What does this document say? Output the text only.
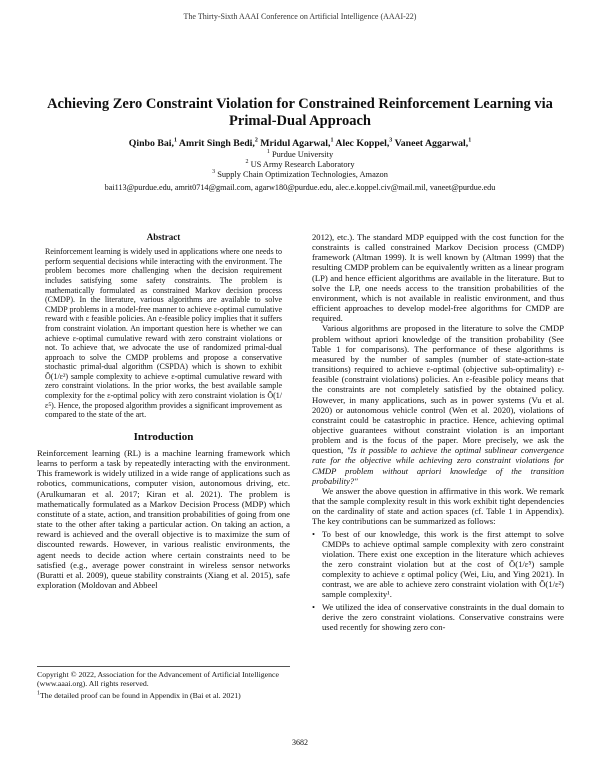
The Thirty-Sixth AAAI Conference on Artificial Intelligence (AAAI-22)
Achieving Zero Constraint Violation for Constrained Reinforcement Learning via Primal-Dual Approach
Qinbo Bai,$^1$ Amrit Singh Bedi,$^2$ Mridul Agarwal,$^1$ Alec Koppel,$^3$ Vaneet Aggarwal,$^1$
$^1$ Purdue University
$^2$ US Army Research Laboratory
$^3$ Supply Chain Optimization Technologies, Amazon
bai113@purdue.edu, amrit0714@gmail.com, agarw180@purdue.edu, alec.e.koppel.civ@mail.mil, vaneet@purdue.edu
Abstract

Reinforcement learning is widely used in applications where one needs to perform sequential decisions while interacting with the environment. The problem becomes more challenging when the decision requirement includes satisfying some safety constraints. The problem is mathematically formulated as constrained Markov decision process (CMDP). In the literature, various algorithms are available to solve CMDP problems in a model-free manner to achieve ε-optimal cumulative reward with ε feasible policies. An ε-feasible policy implies that it suffers from constraint violation. An important question here is whether we can achieve ε-optimal cumulative reward with zero constraint violations or not. To achieve that, we advocate the use of randomized primal-dual approach to solve the CMDP problems and propose a conservative stochastic primal-dual algorithm (CSPDA) which is shown to exhibit Õ(1/ε²) sample complexity to achieve ε-optimal cumulative reward with zero constraint violations. In the prior works, the best available sample complexity for the ε-optimal policy with zero constraint violation is Õ(1/ε⁵). Hence, the proposed algorithm provides a significant improvement as compared to the state of the art.

Introduction

Reinforcement learning (RL) is a machine learning framework which learns to perform a task by repeatedly interacting with the environment. This framework is widely utilized in a wide range of applications such as robotics, communications, computer vision, autonomous driving, etc. (Arulkumaran et al. 2017; Kiran et al. 2021). The problem is mathematically formulated as a Markov Decision Process (MDP) which constitute of a state, action, and transition probabilities of going from one state to the other after taking a particular action. On taking an action, a reward is achieved and the overall objective is to maximize the sum of discounted rewards. However, in various realistic environments, the agent needs to decide action where certain constraints need to be satisfied (e.g., average power constraint in wireless sensor networks (Buratti et al. 2009), queue stability constraints (Xiang et al. 2015), safe exploration (Moldovan and Abbeel

2012), etc.). The standard MDP equipped with the cost function for the constraints is called constrained Markov Decision process (CMDP) framework (Altman 1999). It is well known by (Altman 1999) that the resulting CMDP problem can be equivalently written as a linear program (LP) and hence efficient algorithms are available in the literature. But to solve the LP, one needs access to the transition probabilities of the environment, which is not available in realistic environment, and thus efficient approaches to develop model-free algorithms for CMDP are required.

Various algorithms are proposed in the literature to solve the CMDP problem without apriori knowledge of the transition probability (See Table 1 for comparisons). The performance of these algorithms is measured by the number of samples (number of state-action-state transitions) required to achieve ε-optimal (objective sub-optimality) ε-feasible (constraint violations) policies. An ε-feasible policy means that the constraints are not completely satisfied by the obtained policy. However, in many applications, such as in power systems (Vu et al. 2020) or autonomous vehicle control (Wen et al. 2020), violations of constraint could be catastrophic in practice. Hence, achieving optimal objective guarantees without constraint violation is an important problem and is the focus of the paper. More precisely, we ask the question, "Is it possible to achieve the optimal sublinear convergence rate for the objective while achieving zero constraint violations for CMDP problem without apriori knowledge of the transition probability?"

We answer the above question in affirmative in this work. We remark that the sample complexity result in this work exhibit tight dependencies on the cardinality of state and action spaces (cf. Table 1 in Appendix). The key contributions can be summarized as follows:

• To best of our knowledge, this work is the first attempt to solve CMDPs to achieve optimal sample complexity with zero constraint violation. There exist one exception in the literature which achieves the zero constraint violation but at the cost of Õ(1/ε⁵) sample complexity to achieve ε optimal policy (Wei, Liu, and Ying 2021). In contrast, we are able to achieve zero constraint violation with Õ(1/ε²) sample complexity¹.
• We utilized the idea of conservative constraints in the dual domain to derive the zero constraint violations. Conservative constrains were used recently for showing zero con-

Copyright © 2022, Association for the Advancement of Artificial Intelligence (www.aaai.org). All rights reserved.

$^1$The detailed proof can be found in Appendix in (Bai et al. 2021)

3682
